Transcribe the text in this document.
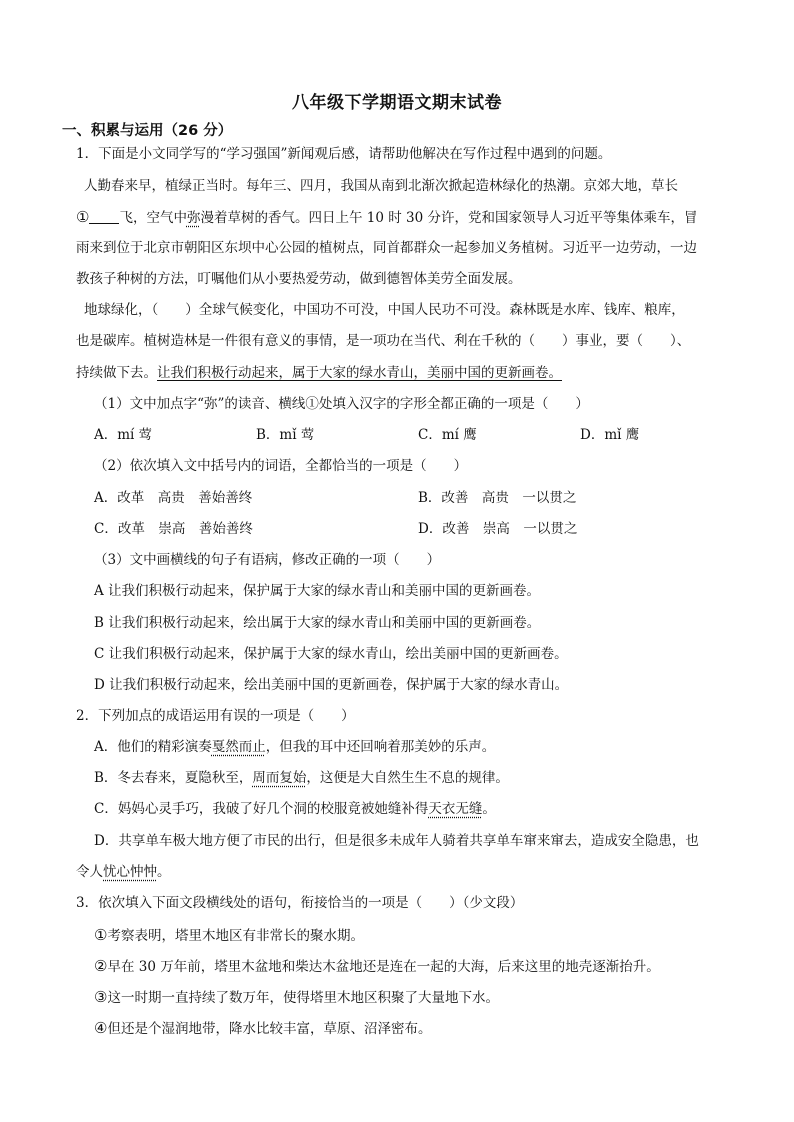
八年级下学期语文期末试卷
一、积累与运用（26 分）
1．下面是小文同学写的“学习强国”新闻观后感，请帮助他解决在写作过程中遇到的问题。
人勤春来早，植绿正当时。每年三、四月，我国从南到北渐次掀起造林绿化的热潮。京郊大地，草长
① 飞，空气中弥漫着草树的香气。四日上午 10 时 30 分许，党和国家领导人习近平等集体乘车，冒
雨来到位于北京市朝阳区东坝中心公园的植树点，同首都群众一起参加义务植树。习近平一边劳动，一边
教孩子种树的方法，叮嘱他们从小要热爱劳动，做到德智体美劳全面发展。
地球绿化，（　　）全球气候变化，中国功不可没，中国人民功不可没。森林既是水库、钱库、粮库，
也是碳库。植树造林是一件很有意义的事情，是一项功在当代、利在千秋的（　　）事业，要（　　）、
持续做下去。让我们积极行动起来，属于大家的绿水青山，美丽中国的更新画卷。
（1）文中加点字“弥”的读音、横线①处填入汉字的字形全都正确的一项是（　　）
A．mí 莺	B．mǐ 莺	C．mí 鹰	D．mǐ 鹰
（2）依次填入文中括号内的词语，全都恰当的一项是（　　）
A．改革　高贵　善始善终	B．改善　高贵　一以贯之
C．改革　崇高　善始善终	D．改善　崇高　一以贯之
（3）文中画横线的句子有语病，修改正确的一项（　　）
A 让我们积极行动起来，保护属于大家的绿水青山和美丽中国的更新画卷。
B 让我们积极行动起来，绘出属于大家的绿水青山和美丽中国的更新画卷。
C 让我们积极行动起来，保护属于大家的绿水青山，绘出美丽中国的更新画卷。
D 让我们积极行动起来，绘出美丽中国的更新画卷，保护属于大家的绿水青山。
2．下列加点的成语运用有误的一项是（　　）
A．他们的精彩演奏戛然而止，但我的耳中还回响着那美妙的乐声。
B．冬去春来，夏隐秋至，周而复始，这便是大自然生生不息的规律。
C．妈妈心灵手巧，我破了好几个洞的校服竟被她缝补得天衣无缝。
D．共享单车极大地方便了市民的出行，但是很多未成年人骑着共享单车窜来窜去，造成安全隐患，也
令人忧心忡忡。
3．依次填入下面文段横线处的语句，衔接恰当的一项是（　　）（少文段）
①考察表明，塔里木地区有非常长的聚水期。
②早在 30 万年前，塔里木盆地和柴达木盆地还是连在一起的大海，后来这里的地壳逐渐抬升。
③这一时期一直持续了数万年，使得塔里木地区积聚了大量地下水。
④但还是个湿润地带，降水比较丰富，草原、沼泽密布。
